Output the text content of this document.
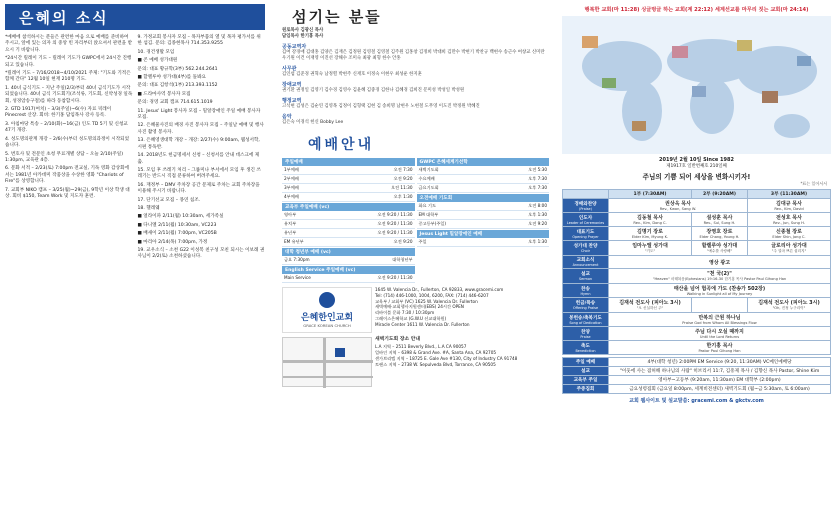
은혜의 소식
*예배에 참석하시는 분들은 관련한 마음 으로 예배를 준비하여 주시고, 앞에 있는 의자 의 중앙 빈 자리부터 앉으셔서 관련을 받으시 기 바랍니다.
*24시간 릴레이 기도 – 릴레이 기도가 GWPC에서 24시간 진행되고 있습니다.
*릴레이 기도 – 7/16/2018~4/10/2021 주제: "기도와 기적은 함께 간다" 12월 10일 현재 210명 기도.
1. 40녀 금식기도 – 지난 주일(2/3)부터 40녀 금식기도가 시작되었습니다. 40녀 금식 기도회기(조석류, 기도회, 신약성경 일독회, 성경암송구절)를 따라 동참합시다.
2. GTD 1917(여치) – 3/3(주일)~6(수) 자료 픽레이 Pinecrest 산장. 회비: 한기홍 담임목사 강사 등록.
3. 아침마당 특송 – 2/10(화)~16(금) 인도 TD 5기 및 신청교 47기 개강.
4. 성도명의관계 개강 – 2/6(수)부터 성도명의과정이 시작되었습니다.
5. 번호사 및 전문인 초청 무료개별 상담 – 오늘 2/10(주일) 1:30pm, 교육관 4층.
6. 문화 서적 – 2/23(토) 7:00pm 전교실, 기독 영화 감상회에서는 1981년 아카데미 작품상을 수상한 영화 "Chariots of Fire"를 상영합니다.
7. 교회부 NIKO 캠프 – 3/25(월)~29(금), 9학년 이상 학생 대상. 회비 $150, Team Work 및 지도자 훈련.
9. 가정교회 봉사자 모집 – 목자부품의 열 및 목자 평가서를 위한 섬김. 문의: 김종현목사 714.353.9255
10. 경건생활 모임
■ 콘 예배 성가대원
문의: 대표 황규학(3부) 562.244.2641
■ 할렐루야 성가대(4부)를 돌봐요
문의: 대표 김항석(1부) 213.393.1152
■ 드라마사역 봉사자 모집
문의: 경영 교회 캠프 714.615.1019
11. Jesus' Light 봉사자 모집 – 밀알장애인 주일 예배 봉사자 모집.
12. 은혜물사진의 배경 사진 봉사자 모집 – 주일날 예배 및 행사 사진 촬영 봉사자.
13. 은혜영생대학 개강 – 개강: 2/27(수) 9:00am, 웹성서학, 시편 통독반.
14. 2018년도 헌금명세서 신청 – 신청서를 안내 데스크에 제출.
15. 모임 후 쓰레기 처리 – 그룹미나 부서에서 모임 후 생긴 쓰레기는 반드시 직접 분류하여 버려주세요.
16. 재정부 – DMV 주차장 공간 문제로 주차는 교회 주차장을 이용해 주시기 바랍니다.
17. 단기선교 모집 – 몽연 침조.
18. 헬레웨
■ 얼라이파 2/11(월) 10:30am, 세가족실
■ 다니엘 2/11(월) 10:30am, VC223
■ 배새이 2/11(월) 7:00pm, VC205B
■ 마리아 2/14(목) 7:00pm, 가정
19. 교우소식 – 소천 G22 이성복 친구성 모친 되시는 이보례 권사님이 2/2(토) 소천하셨습니다.
섬기는 분들
원로목사 김광신 목사
담임목사 한기홍 목사
공동교역자
김여 강경애 김대홍 김양은 김재은 김정원 김영철 김영철 김주원 김홍창 김정희 박대희 김만수 박현기 박찬규 백현수 송근수 여창교 신미란 우기원 이건 이재영 이진선 장해수 조미숙 최광 최형 한수 안홍
사무관
김인섭 김준경 권혁숙 남정렬 박현주 신재호 이정숙 이현우 최성운 한지훈
장애교역
권기환 권정일 김영기 김수경 김영수 김윤혜 김중경 김한나 김혜경 김희진 문미성 박성일 박성원
행정교역
고석현 김성은 김순연 김영목 김정이 김형택 김현 김 송희명 남현우 노현철 도무영 이도진 박정원 박혜진
음악
김은숙 이경석 헌신 Bobby Lee
예배안내
주일예배
1부예배	오전 7:30
2부예배	오전 9:20
3부예배	오전 11:30
4부예배	오후 1:30
교육부 주일예배 (vc)
영아부	오전 9:20 / 11:30
유치부	오전 9:20 / 11:30
유년부	오전 9:20 / 11:30
EM 유년부	오전 9:20
대학 청년부 예배 (vc)
금요 7:30pm	대학청년부
English Service 주일예배 (vc)
Main Service	오전 9:20 / 11:30
GWPC 은혜세계기선학
새벽기도회	오전 5:30
수요예배	오후 7:30
금요기도회	오후 7:30
오전예배 기도회
화요 기도	오전 8:00
EM 대학부	오후 1:30
중고등부(주일)	오전 9:20
Jesus Light 밀알장애인 예배
주일	오후 1:30
은혜한인교회
GRACE KOREAN CHURCH
1645 W. Valencia Dr., Fullerton, CA 92833, www.gracemi.com
Tel: (714) 446-1000, 1004, 6200, FAX: (714) 446-6207
교육부 / 교회부 (VC) 1625 W. Valencia Dr. Fullerton
새벽예배·교회행사지원센터(EBS) 24시간 OPEN
리바이블 문화 7:30 / 10:30pm
그레이스은혜학교 (G.W.U 선교대학원)
Miracle Center 1611 W. Valencia Dr. Fullerton
새벽기도회 장소 안내
L.A 지역 – 2511 Beverly Blvd., L.A CA 90057
얼바인 지역 – 6398 & Grand Ave. #A, Santa Ana, CA 92705
샌가브리엘 지역 – 18725 E. Gale Ave #130, City of Industry CA 91748
토랜스 지역 – 2738 W. Sepulveda Blvd, Torrance, CA 90505
행복한 교회(마 11:28) 싱글벙글 하는 교회(계 22:12) 세계선교를 마무리 짓는 교회(마 24:14)
2019년 2월 10일 Since 1982
제1917호 일반번째호 210일째
주님의 기쁨 되어 세상을 변화시키자!
*표는 일어서서
	1부 (7:30AM)	2부 (9:20AM)	3부 (11:30AM)
경배와찬양
(Praise)	권상옥 목사
Rev., Kwon, Sang W.		김대규 목사
Rev., Kim, David

인도자
Leader of Ceremonies	김동철 목사
Rev., Kim, Dong C.	설성훈 목사
Rev., Sul, Sung H.	전성호 목사
Rev., Jun, Sung H.

대표기도
Opening Prayer	김명기 장로
Elder Kim, Myung K.	장영호 장로
Elder Chang, Young H.	신종철 장로
Elder Shin, Jong C.

성가대 찬양
Choir	임마누엘 성가대
"기도"	할렐루야 성가대
"예수를 사랑해"	글로리아 성가대
"주 얼마 쁘른 섭리지"

교회소식
Announcement	영상 광고		

설교
Sermon	"천 국(2)"
"Heaven" 마태복음(Ephesians) 19:16-30 한기홍 목사 Pastor Paul Gihong Han		

찬송
Hymn	태산을 넘어 험곡에 가도 (찬송가 502장)
Walking in Sunlight all of My Journey		

헌금/특송
Offering Praise	김재석 전도사 (피아노 3시)
"오 신실하신 주"		김재석 전도사 (피아노 3시)
"Oh, 진정 누구리이"

봉헌송/축복기도
Song of Dedication	만복의 근원 하나님
Praise God from Whom All Blessings Flow		

찬양
Praise	주님 다시 오실 때까지
Until the Lord Returns		

축도
Benediction	한기홍 목사
Pastor Paul Gihong Han		
주일 예배	4부(대학 청년) 2:00PM EM Service (9:20, 11:30AM) VC메인예배당
설교	"이웃에 사는 겸허해 하나님의 사람" 히브리서 11:7, 김흥제 목사 / 김향신 목사 Pastor, Shine Kim
교육부 주일	영아부~고등부 (9:20am, 11:30am) EM 대학부 (2:00pm)
주중집회	금요성령집회 (금요일 8:00pm, 세계비전센터) 새벽기도회 (월~금 5:30am, 토 6:00am)
교회 웹사이트 및 설교말씀: gracemi.com & gkctv.com
